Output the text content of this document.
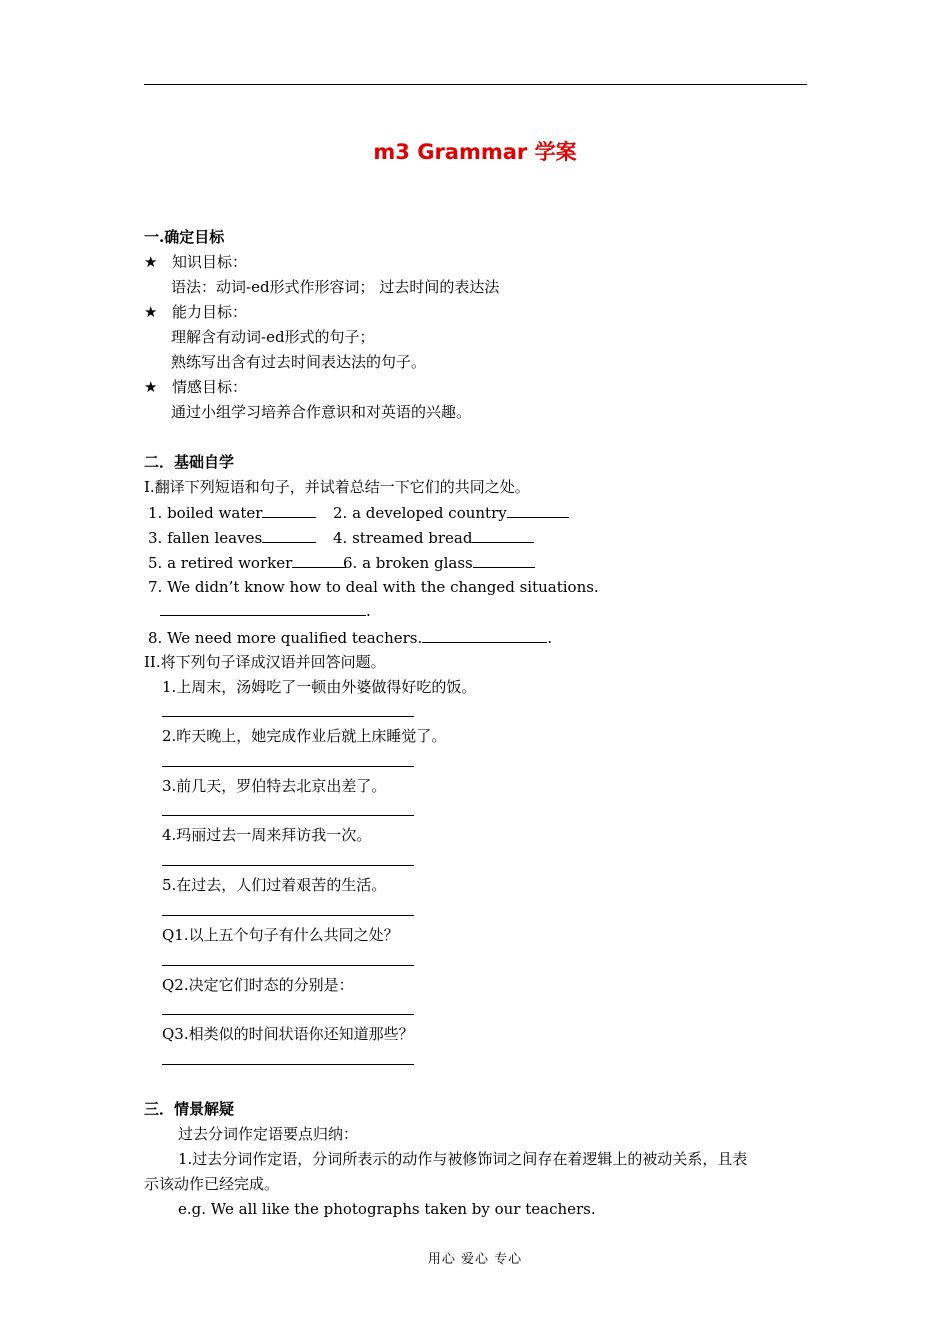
m3 Grammar 学案
一.确定目标
★ 知识目标：
语法：动词-ed形式作形容词； 过去时间的表达法
★ 能力目标：
理解含有动词-ed形式的句子；
熟练写出含有过去时间表达法的句子。
★ 情感目标：
通过小组学习培养合作意识和对英语的兴趣。
二．基础自学
I.翻译下列短语和句子，并试着总结一下它们的共同之处。
1. boiled water	2. a developed country
3. fallen leaves	4. streamed bread
5. a retired worker	6. a broken glass
7. We didn’t know how to deal with the changed situations.
.
8. We need more qualified teachers.	.
II.将下列句子译成汉语并回答问题。
1.上周末，汤姆吃了一顿由外婆做得好吃的饭。
2.昨天晚上，她完成作业后就上床睡觉了。
3.前几天，罗伯特去北京出差了。
4.玛丽过去一周来拜访我一次。
5.在过去，人们过着艰苦的生活。
Q1.以上五个句子有什么共同之处？
Q2.决定它们时态的分别是：
Q3.相类似的时间状语你还知道那些？
三．情景解疑
过去分词作定语要点归纳：
1.过去分词作定语，分词所表示的动作与被修饰词之间存在着逻辑上的被动关系，且表
示该动作已经完成。
e.g. We all like the photographs taken by our teachers.
用心 爱心 专心
